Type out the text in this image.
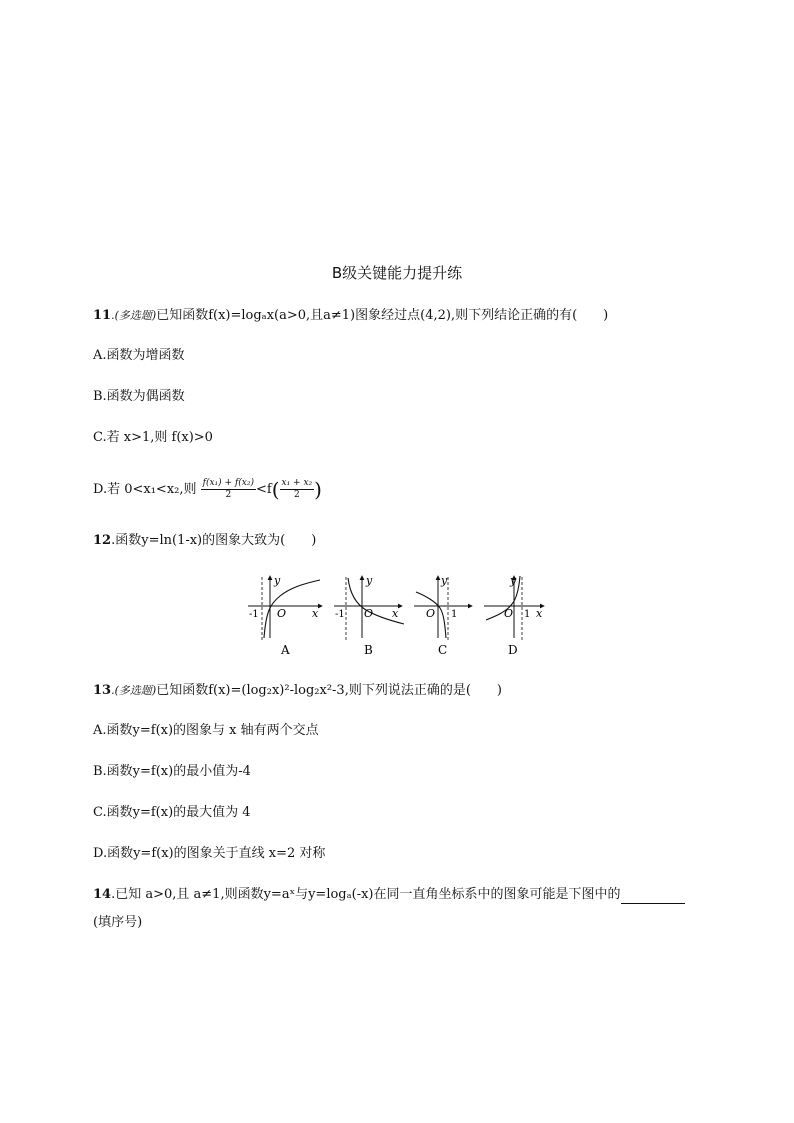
B级关键能力提升练
11.(多选题)已知函数f(x)=logₐx(a>0,且a≠1)图象经过点(4,2),则下列结论正确的有(　　)
A.函数为增函数
B.函数为偶函数
C.若 x>1,则 f(x)>0
D.若 0<x₁<x₂,则 $\frac{\text{f(x₁) + f(x₂)}}{2} <f( \frac{\text{x₁ + x₂}}{2}$ )
12.函数y=ln(1-x)的图象大致为(　　)
-1 O x
y
A
-1 O x
y
B
1
O
y
C
1
O x
y
D
13.(多选题)已知函数f(x)=(log₂x)²-log₂x²-3,则下列说法正确的是(　　)
A.函数y=f(x)的图象与 x 轴有两个交点
B.函数y=f(x)的最小值为-4
C.函数y=f(x)的最大值为 4
D.函数y=f(x)的图象关于直线 x=2 对称
14.已知 a>0,且 a≠1,则函数y=aˣ与y=logₐ(-x)在同一直角坐标系中的图象可能是下图中的
(填序号)
